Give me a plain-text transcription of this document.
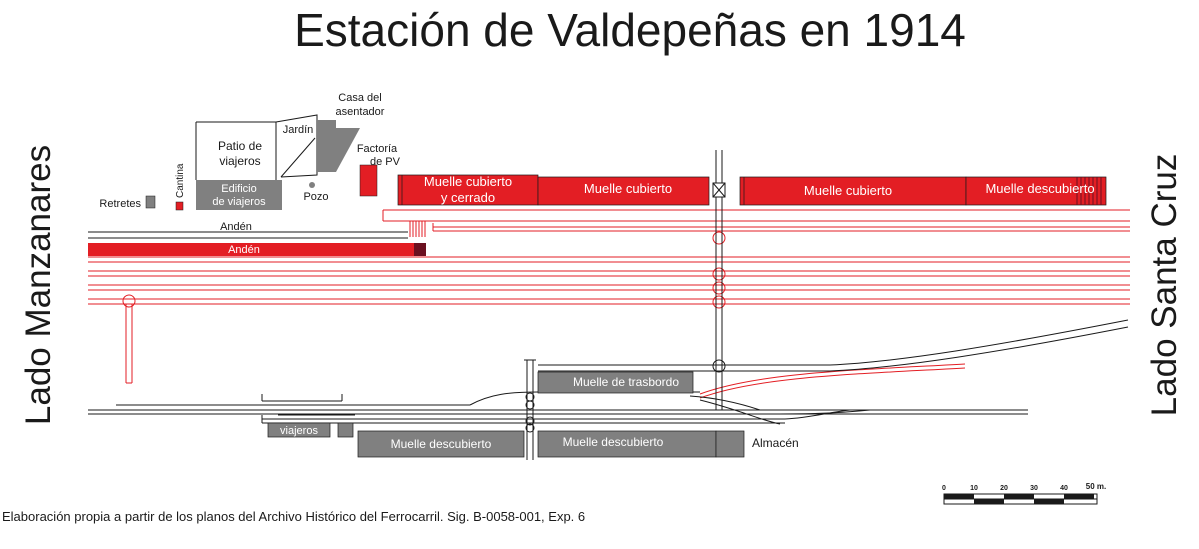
Estación de Valdepeñas en 1914
Lado Manzanares	Lado Santa Cruz
Edificio
de viajeros
Patio de
viajeros
Jardín
Casa del
asentador
Pozo
Factoría
de PV
Retretes
Cantina
Andén
Andén
Muelle cubierto
y cerrado
Muelle cubierto	Muelle cubierto	Muelle descubierto
Muelle de trasbordo
viajeros
Muelle descubierto	Muelle descubierto	Almacén
0	10	20	30	40 50 m.
Elaboración propia a partir de los planos del Archivo Histórico del Ferrocarril. Sig. B-0058-001, Exp. 6
